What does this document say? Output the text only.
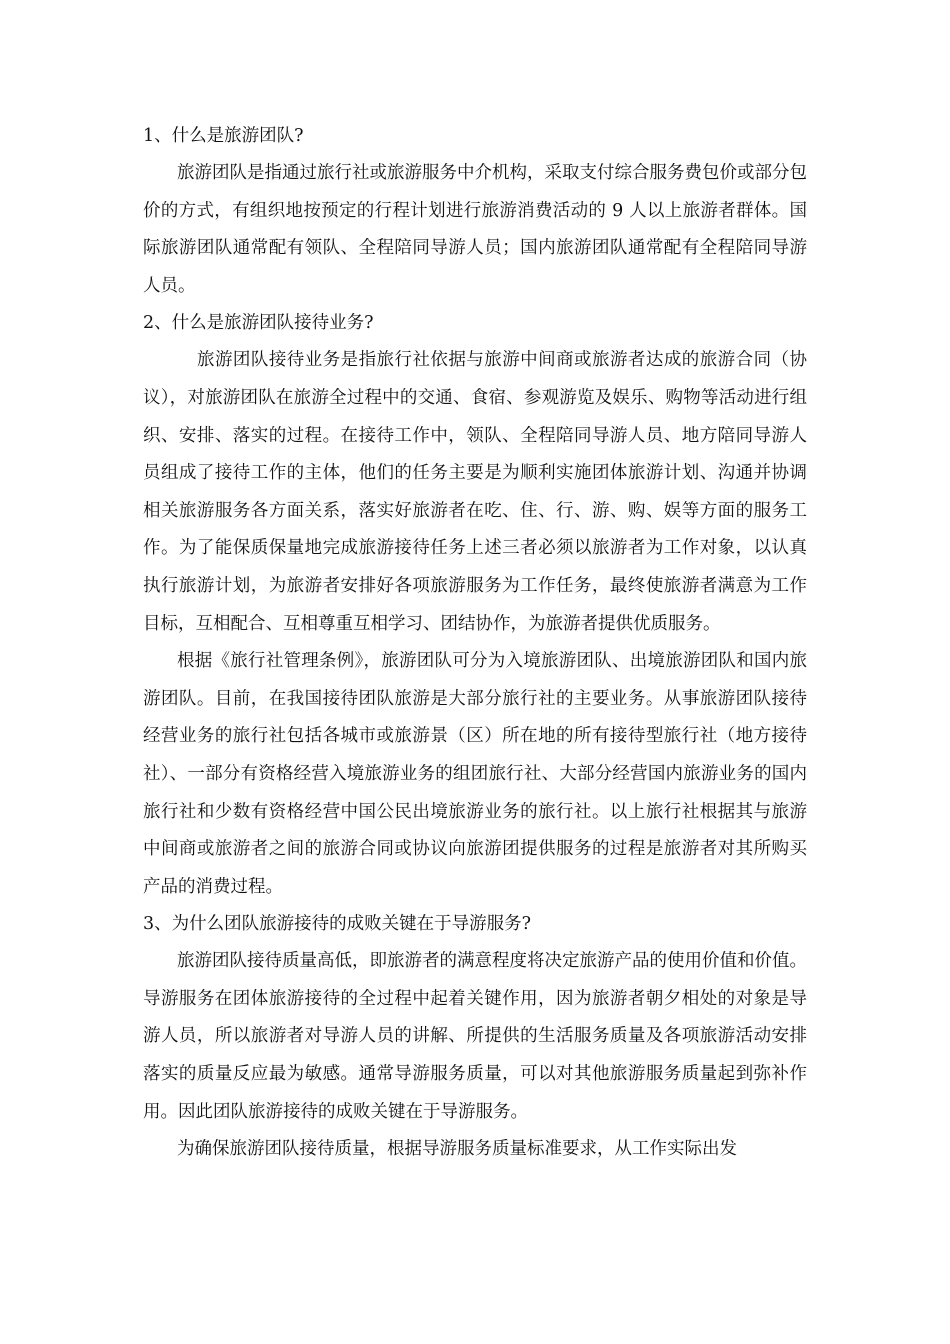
1、什么是旅游团队?

旅游团队是指通过旅行社或旅游服务中介机构，采取支付综合服务费包价或部分包价的方式，有组织地按预定的行程计划进行旅游消费活动的 9 人以上旅游者群体。国际旅游团队通常配有领队、全程陪同导游人员；国内旅游团队通常配有全程陪同导游人员。

2、什么是旅游团队接待业务?

旅游团队接待业务是指旅行社依据与旅游中间商或旅游者达成的旅游合同（协议），对旅游团队在旅游全过程中的交通、食宿、参观游览及娱乐、购物等活动进行组织、安排、落实的过程。在接待工作中，领队、全程陪同导游人员、地方陪同导游人员组成了接待工作的主体，他们的任务主要是为顺利实施团体旅游计划、沟通并协调相关旅游服务各方面关系，落实好旅游者在吃、住、行、游、购、娱等方面的服务工作。为了能保质保量地完成旅游接待任务上述三者必须以旅游者为工作对象，以认真执行旅游计划，为旅游者安排好各项旅游服务为工作任务，最终使旅游者满意为工作目标，互相配合、互相尊重互相学习、团结协作，为旅游者提供优质服务。

根据《旅行社管理条例》，旅游团队可分为入境旅游团队、出境旅游团队和国内旅游团队。目前，在我国接待团队旅游是大部分旅行社的主要业务。从事旅游团队接待经营业务的旅行社包括各城市或旅游景（区）所在地的所有接待型旅行社（地方接待社）、一部分有资格经营入境旅游业务的组团旅行社、大部分经营国内旅游业务的国内旅行社和少数有资格经营中国公民出境旅游业务的旅行社。以上旅行社根据其与旅游中间商或旅游者之间的旅游合同或协议向旅游团提供服务的过程是旅游者对其所购买产品的消费过程。

3、为什么团队旅游接待的成败关键在于导游服务?

旅游团队接待质量高低，即旅游者的满意程度将决定旅游产品的使用价值和价值。导游服务在团体旅游接待的全过程中起着关键作用，因为旅游者朝夕相处的对象是导游人员，所以旅游者对导游人员的讲解、所提供的生活服务质量及各项旅游活动安排落实的质量反应最为敏感。通常导游服务质量，可以对其他旅游服务质量起到弥补作用。因此团队旅游接待的成败关键在于导游服务。

为确保旅游团队接待质量，根据导游服务质量标准要求，从工作实际出发
